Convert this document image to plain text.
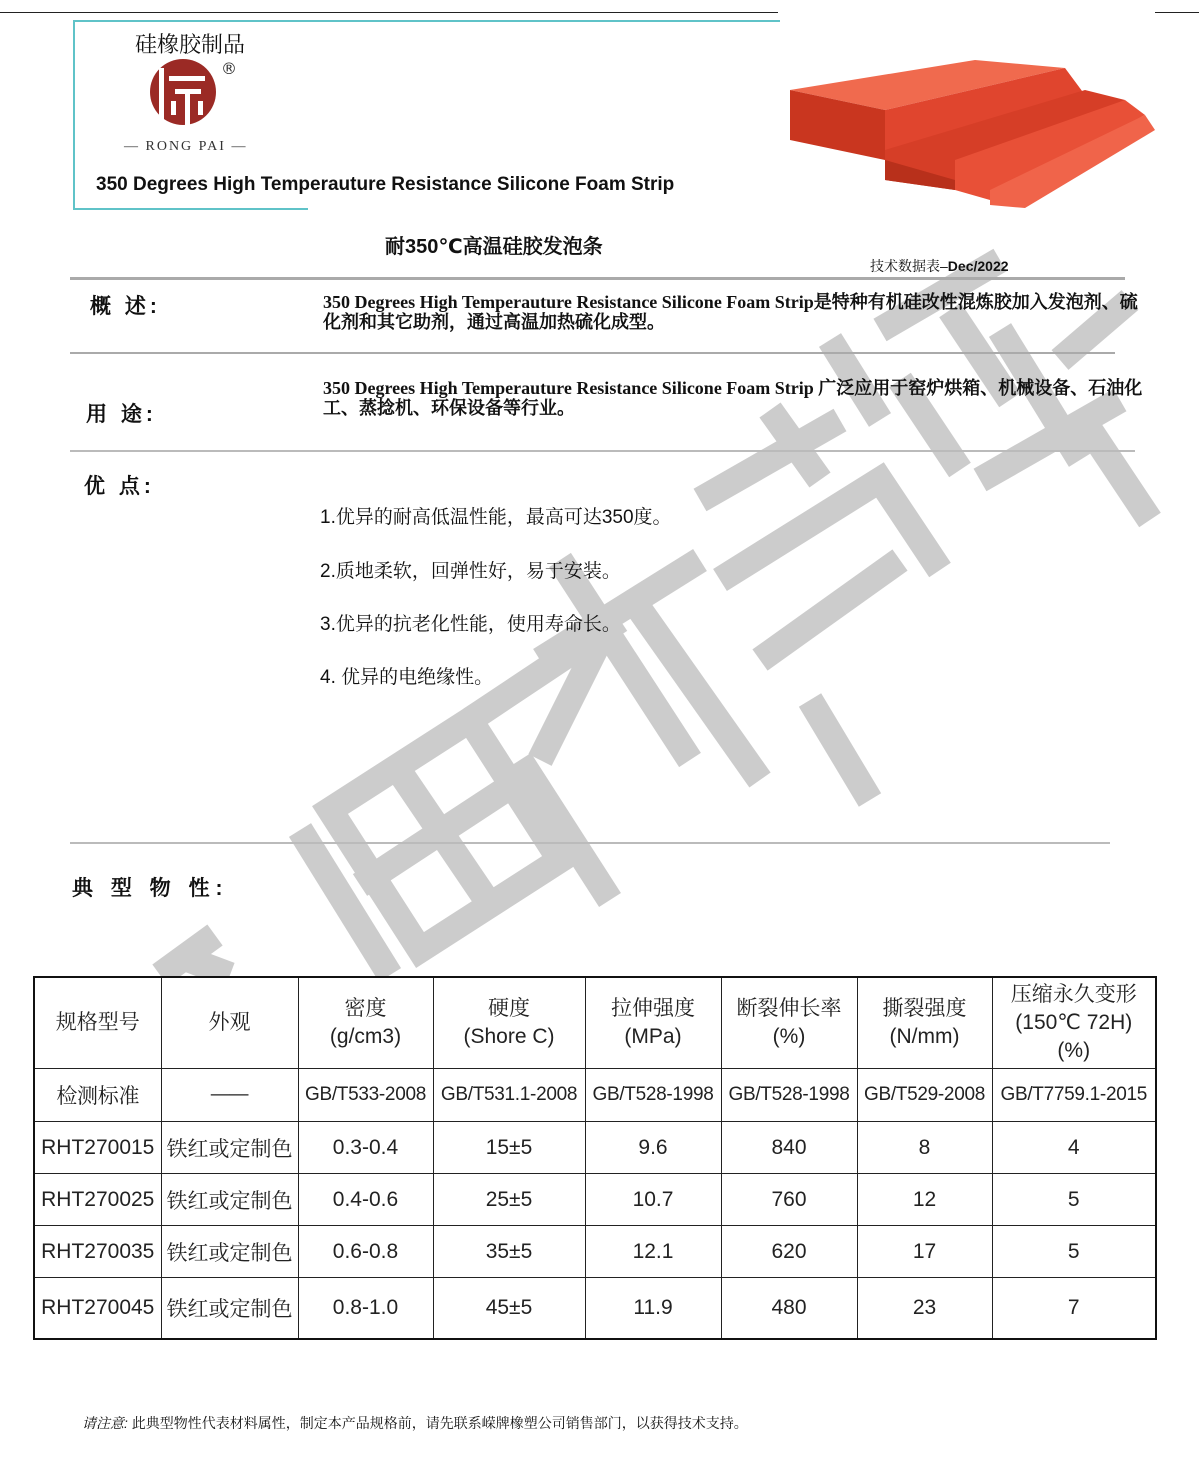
硅橡胶制品
®
— RONG PAI —
350 Degrees High Temperauture Resistance Silicone Foam Strip
耐350℃高温硅胶发泡条
技术数据表–Dec/2022
概 述:	350 Degrees High Temperauture Resistance Silicone Foam Strip是特种有机硅改性混炼胶加入发泡剂、硫化剂和其它助剂，通过高温加热硫化成型。
用 途:
350 Degrees High Temperauture Resistance Silicone Foam Strip 广泛应用于窑炉烘箱、机械设备、石油化工、蒸捻机、环保设备等行业。
优 点:
1.优异的耐高低温性能，最高可达350度。
2.质地柔软，回弹性好，易于安装。
3.优异的抗老化性能，使用寿命长。
4. 优异的电绝缘性。
典 型 物 性:
规格型号	外观	密度
(g/cm3)	硬度
(Shore C)	拉伸强度
(MPa)	断裂伸长率
(%)	撕裂强度
(N/mm)	压缩永久变形
(150℃ 72H)
(%)
检测标准	——	GB/T533-2008	GB/T531.1-2008	GB/T528-1998	GB/T528-1998	GB/T529-2008	GB/T7759.1-2015
RHT270015	铁红或定制色	0.3-0.4	15±5	9.6	840	8	4
RHT270025	铁红或定制色	0.4-0.6	25±5	10.7	760	12	5
RHT270035	铁红或定制色	0.6-0.8	35±5	12.1	620	17	5
RHT270045	铁红或定制色	0.8-1.0	45±5	11.9	480	23	7
请注意: 此典型物性代表材料属性，制定本产品规格前，请先联系嵘牌橡塑公司销售部门，以获得技术支持。
